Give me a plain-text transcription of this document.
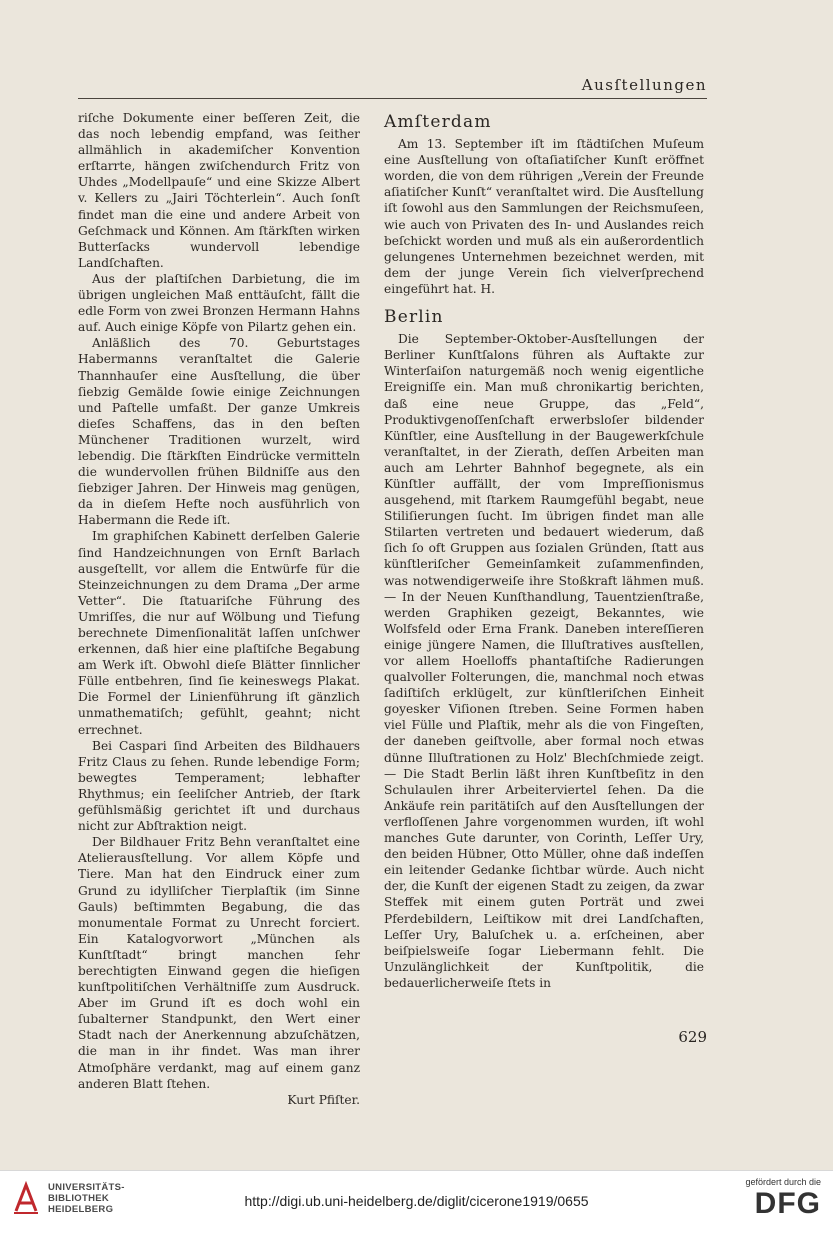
Ausſtellungen

riſche Dokumente einer beſſeren Zeit, die das noch lebendig empfand, was ſeither allmählich in akademiſcher Konvention erſtarrte, hängen zwiſchendurch Fritz von Uhdes „Modellpauſe“ und eine Skizze Albert v. Kellers zu „Jairi Töchterlein“. Auch ſonſt findet man die eine und andere Arbeit von Geſchmack und Können. Am ſtärkſten wirken Butterſacks wundervoll lebendige Landſchaften.

Aus der plaſtiſchen Darbietung, die im übrigen ungleichen Maß enttäuſcht, fällt die edle Form von zwei Bronzen Hermann Hahns auf. Auch einige Köpfe von Pilartz gehen ein.

Anläßlich des 70. Geburtstages Habermanns veranſtaltet die Galerie Thannhauſer eine Ausſtellung, die über ſiebzig Gemälde ſowie einige Zeichnungen und Paſtelle umfaßt. Der ganze Umkreis dieſes Schaffens, das in den beſten Münchener Traditionen wurzelt, wird lebendig. Die ſtärkſten Eindrücke vermitteln die wundervollen frühen Bildniſſe aus den ſiebziger Jahren. Der Hinweis mag genügen, da in dieſem Hefte noch ausführlich von Habermann die Rede iſt.

Im graphiſchen Kabinett derſelben Galerie ſind Handzeichnungen von Ernſt Barlach ausgeſtellt, vor allem die Entwürfe für die Steinzeichnungen zu dem Drama „Der arme Vetter“. Die ſtatuariſche Führung des Umriſſes, die nur auf Wölbung und Tiefung berechnete Dimenſionalität laſſen unſchwer erkennen, daß hier eine plaſtiſche Begabung am Werk iſt. Obwohl dieſe Blätter ſinnlicher Fülle entbehren, ſind ſie keineswegs Plakat. Die Formel der Linienführung iſt gänzlich unmathematiſch; gefühlt, geahnt; nicht errechnet.

Bei Caspari ſind Arbeiten des Bildhauers Fritz Claus zu ſehen. Runde lebendige Form; bewegtes Temperament; lebhafter Rhythmus; ein ſeeliſcher Antrieb, der ſtark gefühlsmäßig gerichtet iſt und durchaus nicht zur Abſtraktion neigt.

Der Bildhauer Fritz Behn veranſtaltet eine Atelierausſtellung. Vor allem Köpfe und Tiere. Man hat den Eindruck einer zum Grund zu idylliſcher Tierplaſtik (im Sinne Gauls) beſtimmten Begabung, die das monumentale Format zu Unrecht forciert. Ein Katalogvorwort „München als Kunſtſtadt“ bringt manchen ſehr berechtigten Einwand gegen die hieſigen kunſtpolitiſchen Verhältniſſe zum Ausdruck. Aber im Grund iſt es doch wohl ein ſubalterner Standpunkt, den Wert einer Stadt nach der Anerkennung abzuſchätzen, die man in ihr findet. Was man ihrer Atmoſphäre verdankt, mag auf einem ganz anderen Blatt ſtehen.

Kurt Pfiſter.

Amſterdam

Am 13. September iſt im ſtädtiſchen Muſeum eine Ausſtellung von oſtaſiatiſcher Kunſt eröffnet worden, die von dem rührigen „Verein der Freunde aſiatiſcher Kunſt“ veranſtaltet wird. Die Ausſtellung iſt ſowohl aus den Sammlungen der Reichsmuſeen, wie auch von Privaten des In- und Auslandes reich beſchickt worden und muß als ein außerordentlich gelungenes Unternehmen bezeichnet werden, mit dem der junge Verein ſich vielverſprechend eingeführt hat. H.

Berlin

Die September-Oktober-Ausſtellungen der Berliner Kunſtſalons führen als Auftakte zur Winterſaiſon naturgemäß noch wenig eigentliche Ereigniſſe ein. Man muß chronikartig berichten, daß eine neue Gruppe, das „Feld“, Produktivgenoſſenſchaft erwerbsloſer bildender Künſtler, eine Ausſtellung in der Baugewerkſchule veranſtaltet, in der Zierath, deſſen Arbeiten man auch am Lehrter Bahnhof begegnete, als ein Künſtler auffällt, der vom Impreſſionismus ausgehend, mit ſtarkem Raumgefühl begabt, neue Stiliſierungen ſucht. Im übrigen findet man alle Stilarten vertreten und bedauert wiederum, daß ſich ſo oft Gruppen aus ſozialen Gründen, ſtatt aus künſtleriſcher Gemeinſamkeit zuſammenfinden, was notwendigerweiſe ihre Stoßkraft lähmen muß. — In der Neuen Kunſthandlung, Tauentzienſtraße, werden Graphiken gezeigt, Bekanntes, wie Wolfsfeld oder Erna Frank. Daneben intereſſieren einige jüngere Namen, die Illuſtratives ausſtellen, vor allem Hoelloffs phantaſtiſche Radierungen qualvoller Folterungen, die, manchmal noch etwas ſadiſtiſch erklügelt, zur künſtleriſchen Einheit goyesker Viſionen ſtreben. Seine Formen haben viel Fülle und Plaſtik, mehr als die von Fingeſten, der daneben geiſtvolle, aber formal noch etwas dünne Illuſtrationen zu Holz' Blechſchmiede zeigt. — Die Stadt Berlin läßt ihren Kunſtbeſitz in den Schulaulen ihrer Arbeiterviertel ſehen. Da die Ankäufe rein paritätiſch auf den Ausſtellungen der verfloſſenen Jahre vorgenommen wurden, iſt wohl manches Gute darunter, von Corinth, Leſſer Ury, den beiden Hübner, Otto Müller, ohne daß indeſſen ein leitender Gedanke ſichtbar würde. Auch nicht der, die Kunſt der eigenen Stadt zu zeigen, da zwar Steffek mit einem guten Porträt und zwei Pferdebildern, Leiſtikow mit drei Landſchaften, Leſſer Ury, Baluſchek u. a. erſcheinen, aber beiſpielsweiſe ſogar Liebermann fehlt. Die Unzulänglichkeit der Kunſtpolitik, die bedauerlicherweiſe ſtets in

629
UNIVERSITÄTS-
BIBLIOTHEK
HEIDELBERG	http://digi.ub.uni-heidelberg.de/diglit/cicerone1919/0655
gefördert durch die
DFG
